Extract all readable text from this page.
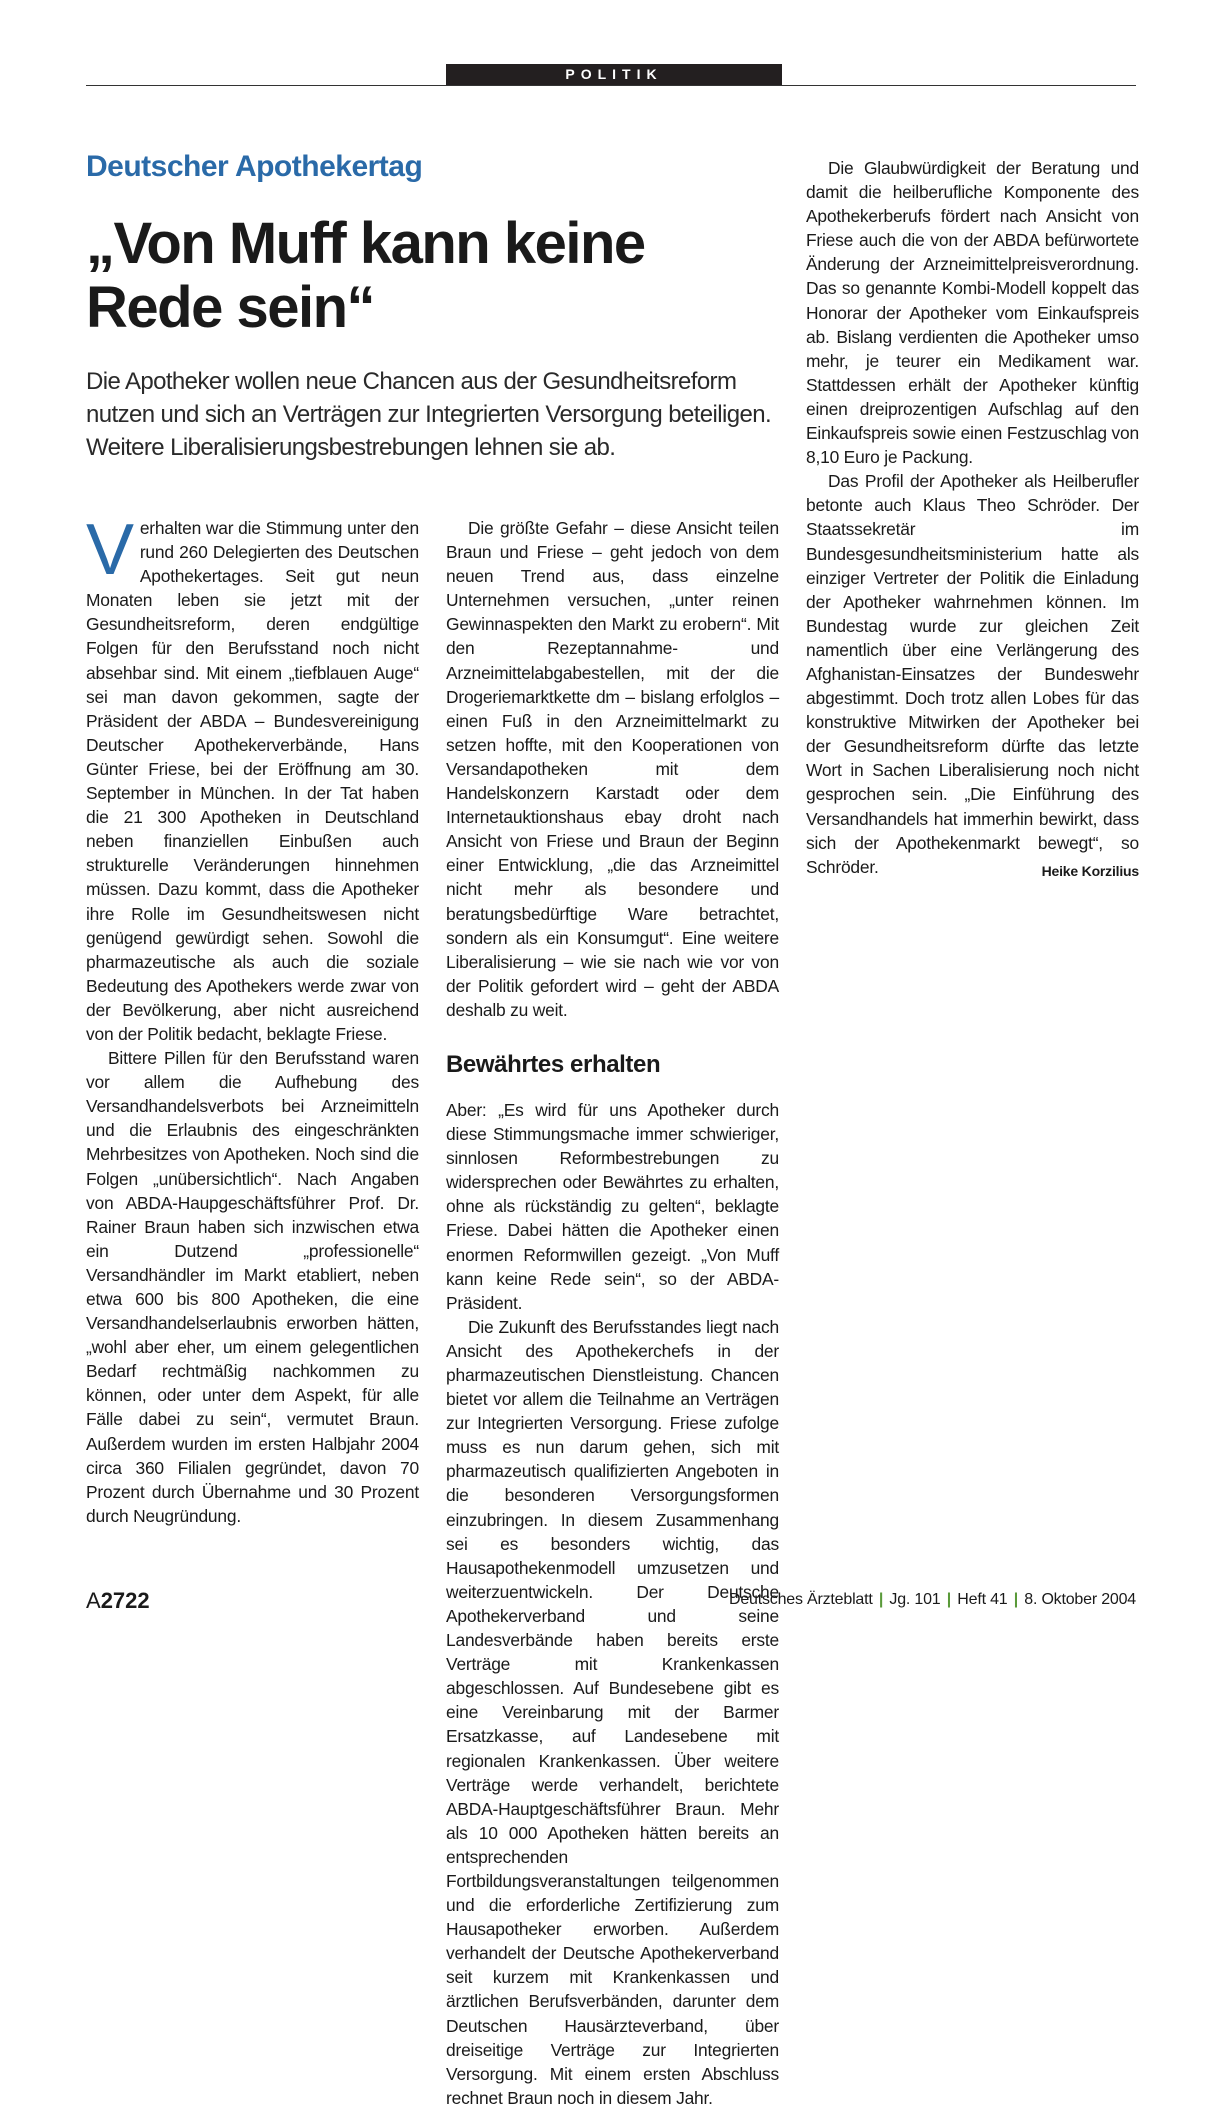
POLITIK
Deutscher Apothekertag
„Von Muff kann keine Rede sein“

Die Apotheker wollen neue Chancen aus der Gesundheitsreform nutzen und sich an Verträgen zur Integrierten Versorgung beteiligen. Weitere Liberalisierungsbestrebungen lehnen sie ab.

Verhalten war die Stimmung unter den rund 260 Delegierten des Deutschen Apothekertages. Seit gut neun Monaten leben sie jetzt mit der Gesundheitsreform, deren endgültige Folgen für den Berufsstand noch nicht absehbar sind. Mit einem „tiefblauen Auge“ sei man davon gekommen, sagte der Präsident der ABDA – Bundesvereinigung Deutscher Apothekerverbände, Hans Günter Friese, bei der Eröffnung am 30. September in München. In der Tat haben die 21 300 Apotheken in Deutschland neben finanziellen Einbußen auch strukturelle Veränderungen hinnehmen müssen. Dazu kommt, dass die Apotheker ihre Rolle im Gesundheitswesen nicht genügend gewürdigt sehen. Sowohl die pharmazeutische als auch die soziale Bedeutung des Apothekers werde zwar von der Bevölkerung, aber nicht ausreichend von der Politik bedacht, beklagte Friese.

Bittere Pillen für den Berufsstand waren vor allem die Aufhebung des Versandhandelsverbots bei Arzneimitteln und die Erlaubnis des eingeschränkten Mehrbesitzes von Apotheken. Noch sind die Folgen „unübersichtlich“. Nach Angaben von ABDA-Haupgeschäftsführer Prof. Dr. Rainer Braun haben sich inzwischen etwa ein Dutzend „professionelle“ Versandhändler im Markt etabliert, neben etwa 600 bis 800 Apotheken, die eine Versandhandelserlaubnis erworben hätten, „wohl aber eher, um einem gelegentlichen Bedarf rechtmäßig nachkommen zu können, oder unter dem Aspekt, für alle Fälle dabei zu sein“, vermutet Braun. Außerdem wurden im ersten Halbjahr 2004 circa 360 Filialen gegründet, davon 70 Prozent durch Übernahme und 30 Prozent durch Neugründung.

Die größte Gefahr – diese Ansicht teilen Braun und Friese – geht jedoch von dem neuen Trend aus, dass einzelne Unternehmen versuchen, „unter reinen Gewinnaspekten den Markt zu erobern“. Mit den Rezeptannahme- und Arzneimittelabgabestellen, mit der die Drogeriemarktkette dm – bislang erfolglos – einen Fuß in den Arzneimittelmarkt zu setzen hoffte, mit den Kooperationen von Versandapotheken mit dem Handelskonzern Karstadt oder dem Internetauktionshaus ebay droht nach Ansicht von Friese und Braun der Beginn einer Entwicklung, „die das Arzneimittel nicht mehr als besondere und beratungsbedürftige Ware betrachtet, sondern als ein Konsumgut“. Eine weitere Liberalisierung – wie sie nach wie vor von der Politik gefordert wird – geht der ABDA deshalb zu weit.

Bewährtes erhalten

Aber: „Es wird für uns Apotheker durch diese Stimmungsmache immer schwieriger, sinnlosen Reformbestrebungen zu widersprechen oder Bewährtes zu erhalten, ohne als rückständig zu gelten“, beklagte Friese. Dabei hätten die Apotheker einen enormen Reformwillen gezeigt. „Von Muff kann keine Rede sein“, so der ABDA-Präsident.

Die Zukunft des Berufsstandes liegt nach Ansicht des Apothekerchefs in der pharmazeutischen Dienstleistung. Chancen bietet vor allem die Teilnahme an Verträgen zur Integrierten Versorgung. Friese zufolge muss es nun darum gehen, sich mit pharmazeutisch qualifizierten Angeboten in die besonderen Versorgungsformen einzubringen. In diesem Zusammenhang sei es besonders wichtig, das Hausapothekenmodell umzusetzen und weiterzuentwickeln. Der Deutsche Apothekerverband und seine Landesverbände haben bereits erste Verträge mit Krankenkassen abgeschlossen. Auf Bundesebene gibt es eine Vereinbarung mit der Barmer Ersatzkasse, auf Landesebene mit regionalen Krankenkassen. Über weitere Verträge werde verhandelt, berichtete ABDA-Hauptgeschäftsführer Braun. Mehr als 10 000 Apotheken hätten bereits an entsprechenden Fortbildungsveranstaltungen teilgenommen und die erforderliche Zertifizierung zum Hausapotheker erworben. Außerdem verhandelt der Deutsche Apothekerverband seit kurzem mit Krankenkassen und ärztlichen Berufsverbänden, darunter dem Deutschen Hausärzteverband, über dreiseitige Verträge zur Integrierten Versorgung. Mit einem ersten Abschluss rechnet Braun noch in diesem Jahr.

Die Glaubwürdigkeit der Beratung und damit die heilberufliche Komponente des Apothekerberufs fördert nach Ansicht von Friese auch die von der ABDA befürwortete Änderung der Arzneimittelpreisverordnung. Das so genannte Kombi-Modell koppelt das Honorar der Apotheker vom Einkaufspreis ab. Bislang verdienten die Apotheker umso mehr, je teurer ein Medikament war. Stattdessen erhält der Apotheker künftig einen dreiprozentigen Aufschlag auf den Einkaufspreis sowie einen Festzuschlag von 8,10 Euro je Packung.

Das Profil der Apotheker als Heilberufler betonte auch Klaus Theo Schröder. Der Staatssekretär im Bundesgesundheitsministerium hatte als einziger Vertreter der Politik die Einladung der Apotheker wahrnehmen können. Im Bundestag wurde zur gleichen Zeit namentlich über eine Verlängerung des Afghanistan-Einsatzes der Bundeswehr abgestimmt. Doch trotz allen Lobes für das konstruktive Mitwirken der Apotheker bei der Gesundheitsreform dürfte das letzte Wort in Sachen Liberalisierung noch nicht gesprochen sein. „Die Einführung des Versandhandels hat immerhin bewirkt, dass sich der Apothekenmarkt bewegt“, so Schröder.	Heike Korzilius

A2722	Deutsches Ärzteblatt | Jg. 101 | Heft 41 | 8. Oktober 2004
